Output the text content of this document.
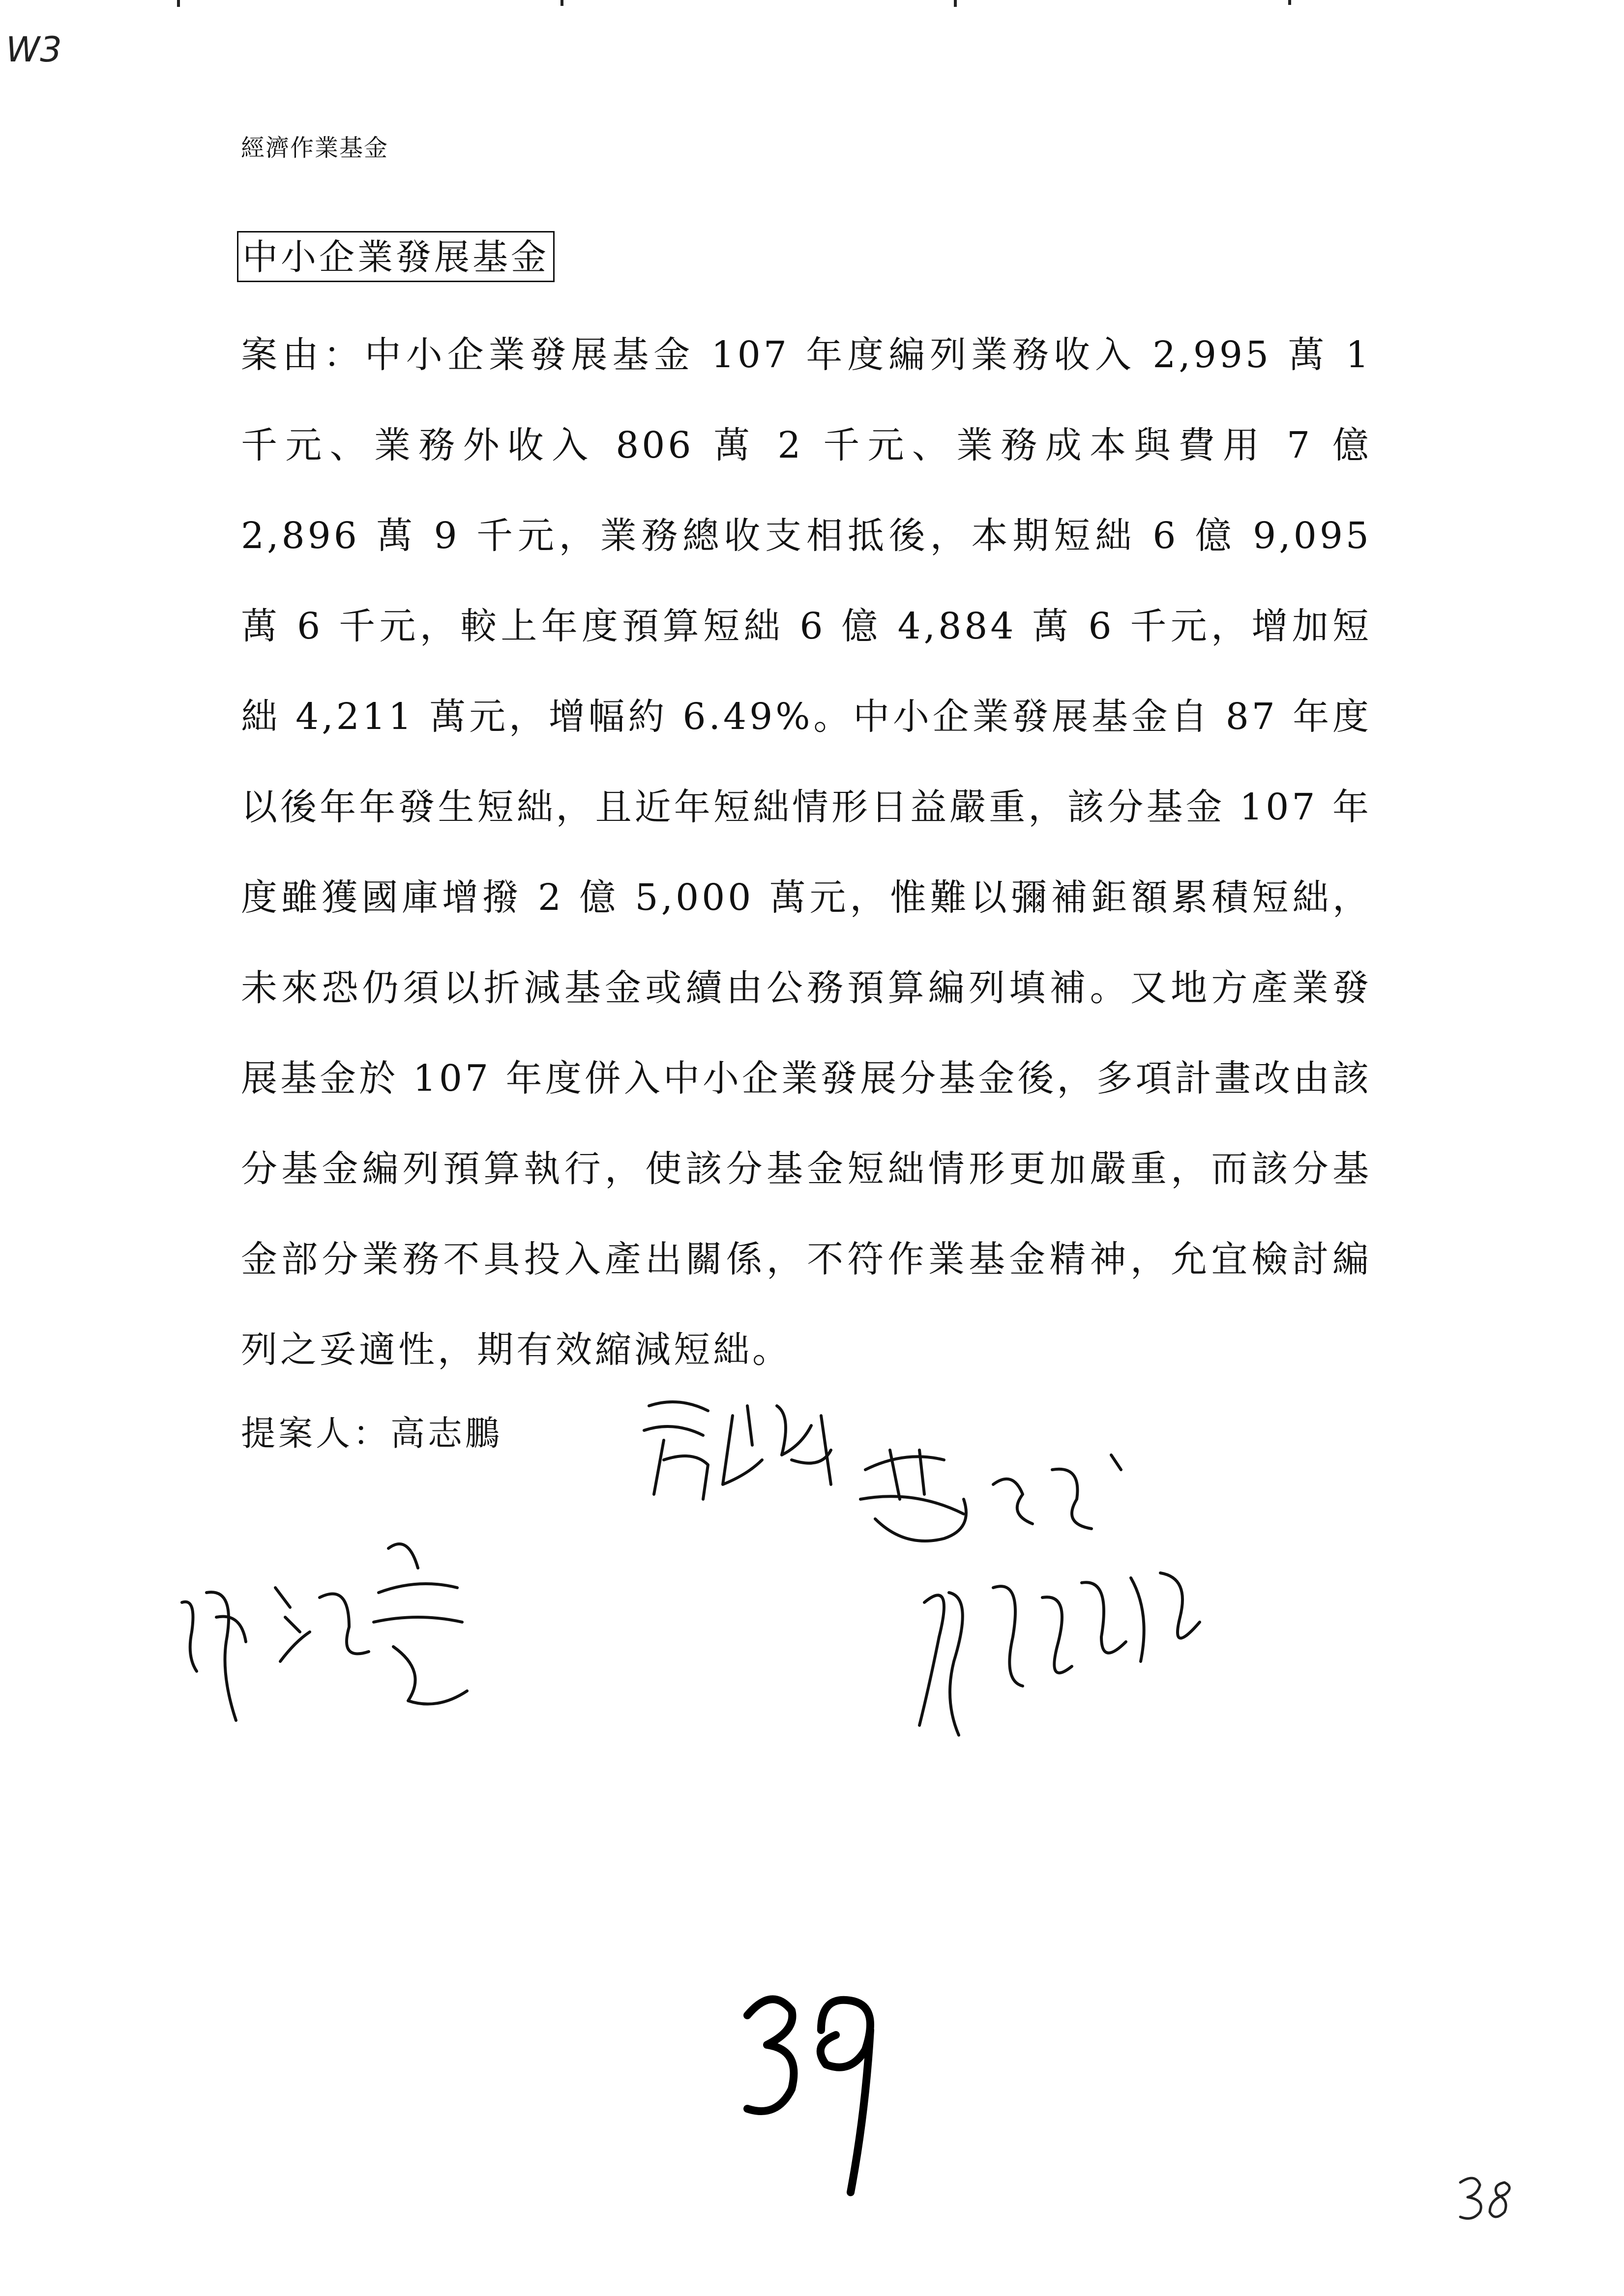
W3
經濟作業基金
中小企業發展基金
案由：中小企業發展基金 107 年度編列業務收入 2,995 萬 1 千元、業務外收入 806 萬 2 千元、業務成本與費用 7 億 2,896 萬 9 千元，業務總收支相抵後，本期短絀 6 億 9,095 萬 6 千元，較上年度預算短絀 6 億 4,884 萬 6 千元，增加短絀 4,211 萬元，增幅約 6.49%。中小企業發展基金自 87 年度以後年年發生短絀，且近年短絀情形日益嚴重，該分基金 107 年度雖獲國庫增撥 2 億 5,000 萬元，惟難以彌補鉅額累積短絀，未來恐仍須以折減基金或續由公務預算編列填補。又地方產業發展基金於 107 年度併入中小企業發展分基金後，多項計畫改由該分基金編列預算執行，使該分基金短絀情形更加嚴重，而該分基金部分業務不具投入產出關係，不符作業基金精神，允宜檢討編列之妥適性，期有效縮減短絀。
提案人：高志鵬
